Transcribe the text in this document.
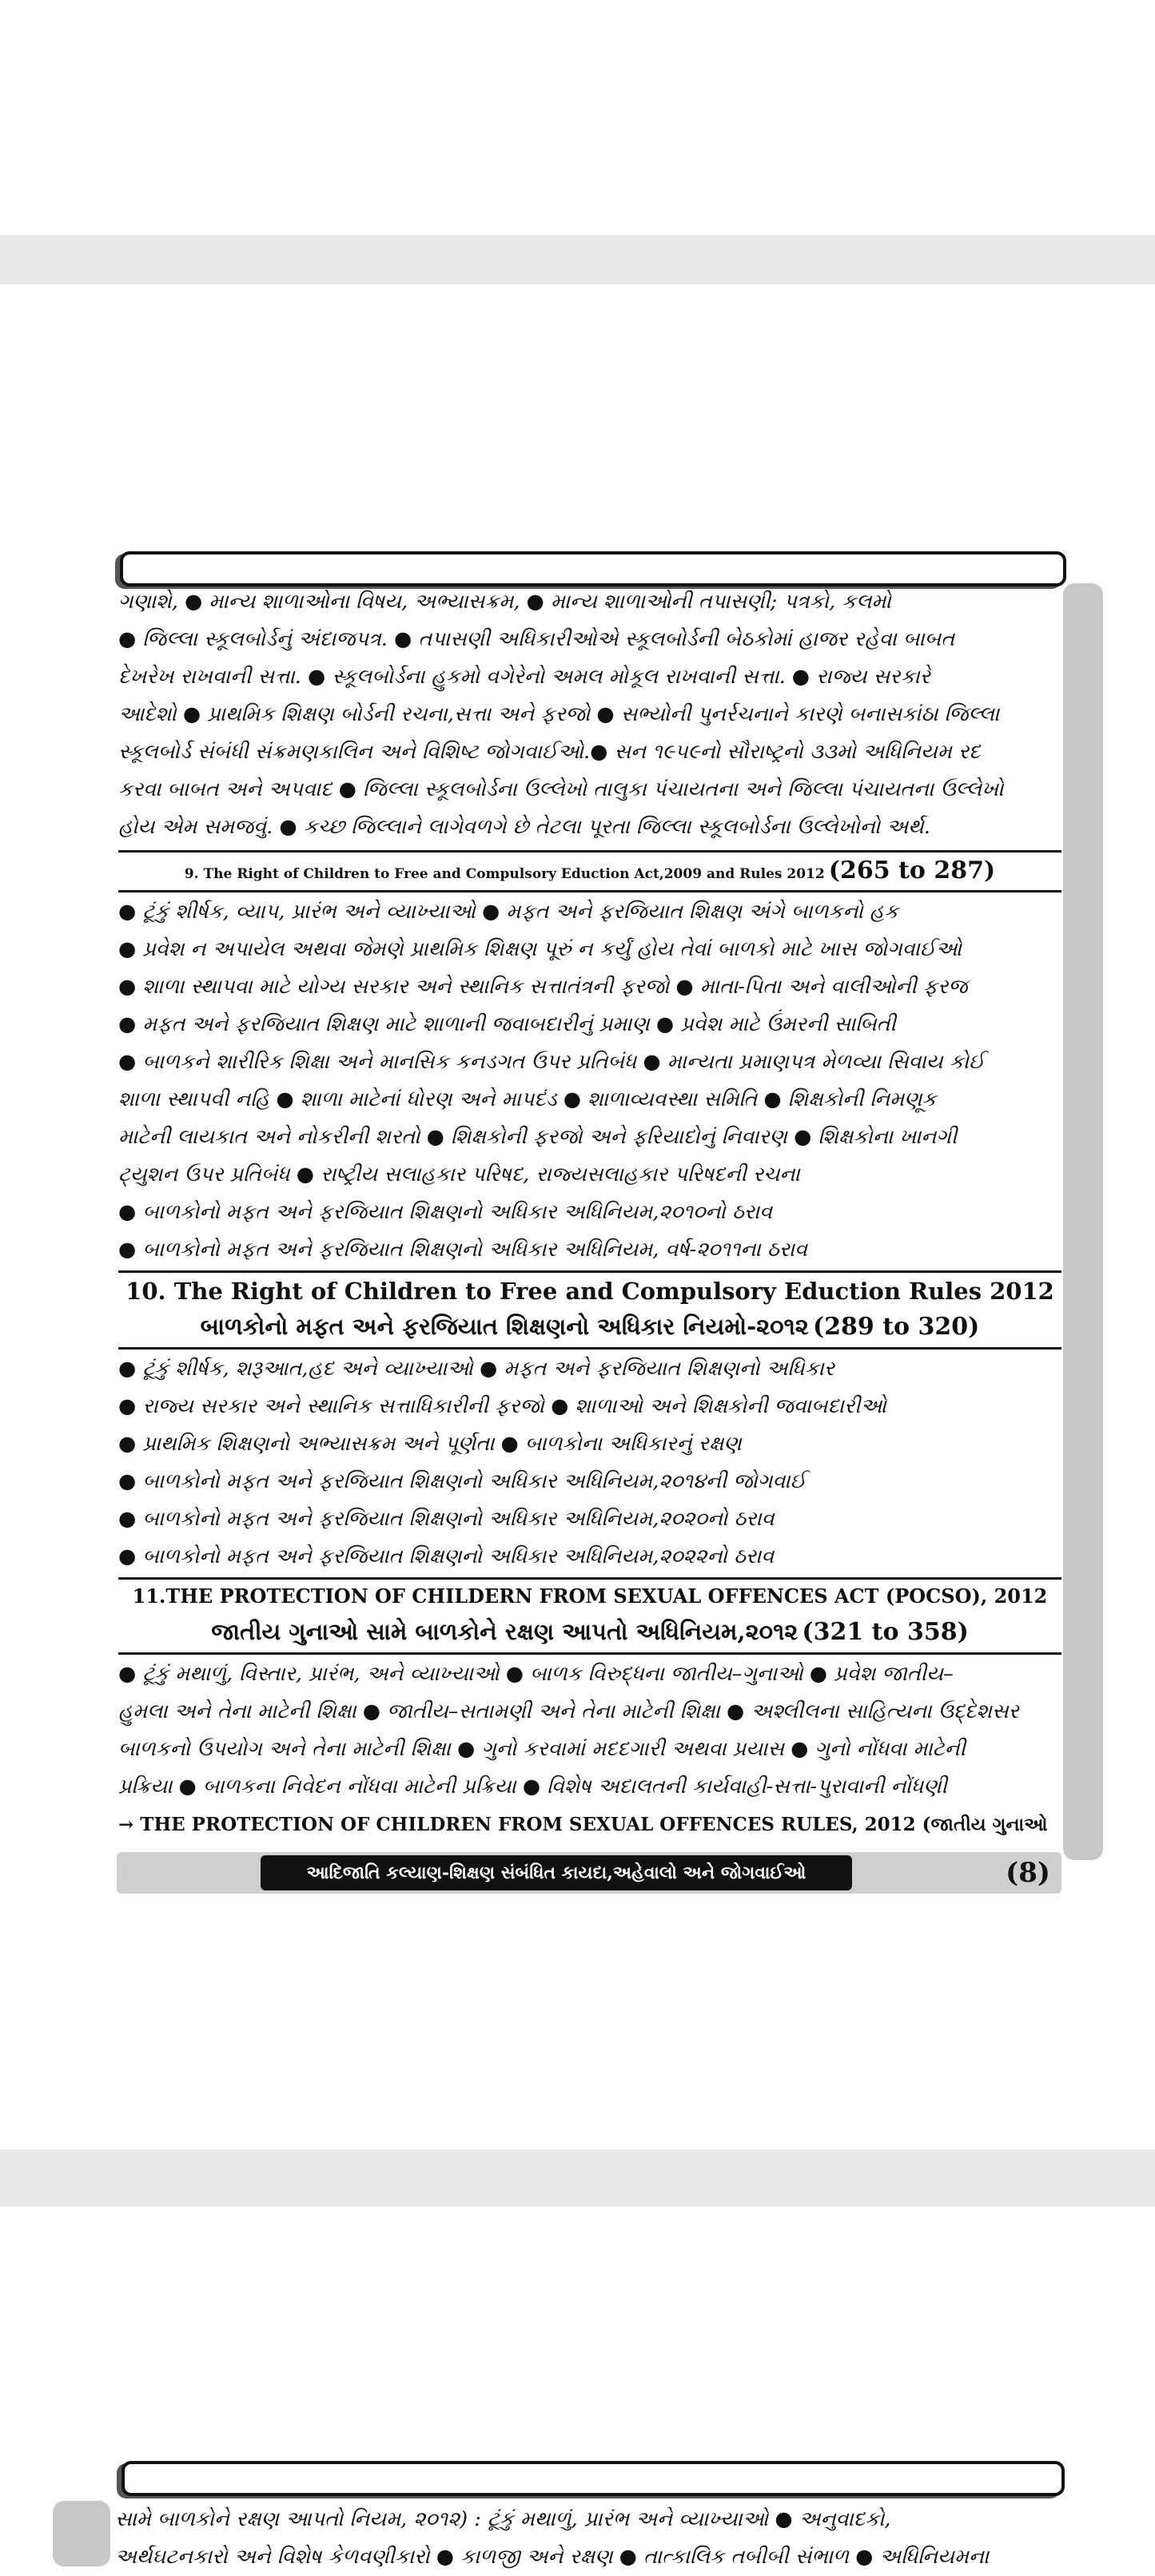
ગણાશે, ● માન્ય શાળાઓના વિષય, અભ્યાસક્રમ, ● માન્ય શાળાઓની તપાસણી; પત્રકો, કલમો
● જિલ્લા સ્કૂલબોર્ડનું અંદાજપત્ર. ● તપાસણી અધિકારીઓએ સ્કૂલબોર્ડની બેઠકોમાં હાજર રહેવા બાબત
દેખરેખ રાખવાની સત્તા. ● સ્કૂલબોર્ડના હુકમો વગેરેનો અમલ મોકૂલ રાખવાની સત્તા. ● રાજ્ય સરકારે
આદેશો ● પ્રાથમિક શિક્ષણ બોર્ડની રચના,સત્તા અને ફરજો ● સભ્યોની પુનર્રચનાને કારણે બનાસકાંઠા જિલ્લા
સ્કૂલબોર્ડ સંબંધી સંક્રમણકાલિન અને વિશિષ્ટ જોગવાઈઓ.● સન ૧૯૫૯નો સૌરાષ્ટ્રનો ૩૩મો અધિનિયમ રદ
કરવા બાબત અને અપવાદ ● જિલ્લા સ્કૂલબોર્ડના ઉલ્લેખો તાલુકા પંચાયતના અને જિલ્લા પંચાયતના ઉલ્લેખો
હોય એમ સમજવું. ● કચ્છ જિલ્લાને લાગેવળગે છે તેટલા પૂરતા જિલ્લા સ્કૂલબોર્ડના ઉલ્લેખોનો અર્થ.
9. The Right of Children to Free and Compulsory Eduction Act,2009 and Rules 2012 (265 to 287)
● ટૂંકું શીર્ષક, વ્યાપ, પ્રારંભ અને વ્યાખ્યાઓ ● મફત અને ફરજિયાત શિક્ષણ અંગે બાળકનો હક
● પ્રવેશ ન અપાયેલ અથવા જેમણે પ્રાથમિક શિક્ષણ પૂરું ન કર્યું હોય તેવાં બાળકો માટે ખાસ જોગવાઈઓ
● શાળા સ્થાપવા માટે યોગ્ય સરકાર અને સ્થાનિક સત્તાતંત્રની ફરજો ● માતા-પિતા અને વાલીઓની ફરજ
● મફત અને ફરજિયાત શિક્ષણ માટે શાળાની જવાબદારીનું પ્રમાણ ● પ્રવેશ માટે ઉંમરની સાબિતી
● બાળકને શારીરિક શિક્ષા અને માનસિક કનડગત ઉપર પ્રતિબંધ ● માન્યતા પ્રમાણપત્ર મેળવ્યા સિવાય કોઈ
શાળા સ્થાપવી નહિ ● શાળા માટેનાં ધોરણ અને માપદંડ ● શાળાવ્યવસ્થા સમિતિ ● શિક્ષકોની નિમણૂક
માટેની લાયકાત અને નોકરીની શરતો ● શિક્ષકોની ફરજો અને ફરિયાદોનું નિવારણ ● શિક્ષકોના ખાનગી
ટ્યુશન ઉપર પ્રતિબંધ ● રાષ્ટ્રીય સલાહકાર પરિષદ, રાજ્યસલાહકાર પરિષદની રચના
● બાળકોનો મફત અને ફરજિયાત શિક્ષણનો અધિકાર અધિનિયમ,૨૦૧૦નો ઠરાવ
● બાળકોનો મફત અને ફરજિયાત શિક્ષણનો અધિકાર અધિનિયમ, વર્ષ-૨૦૧૧ના ઠરાવ
10. The Right of Children to Free and Compulsory Eduction Rules 2012
બાળકોનો મફત અને ફરજિયાત શિક્ષણનો અધિકાર નિયમો-૨૦૧૨ (289 to 320)
● ટૂંકું શીર્ષક, શરૂઆત,હદ અને વ્યાખ્યાઓ ● મફત અને ફરજિયાત શિક્ષણનો અધિકાર
● રાજ્ય સરકાર અને સ્થાનિક સત્તાધિકારીની ફરજો ● શાળાઓ અને શિક્ષકોની જવાબદારીઓ
● પ્રાથમિક શિક્ષણનો અભ્યાસક્રમ અને પૂર્ણતા ● બાળકોના અધિકારનું રક્ષણ
● બાળકોનો મફત અને ફરજિયાત શિક્ષણનો અધિકાર અધિનિયમ,૨૦૧૪ની જોગવાઈ
● બાળકોનો મફત અને ફરજિયાત શિક્ષણનો અધિકાર અધિનિયમ,૨૦૨૦નો ઠરાવ
● બાળકોનો મફત અને ફરજિયાત શિક્ષણનો અધિકાર અધિનિયમ,૨૦૨૨નો ઠરાવ
11.THE PROTECTION OF CHILDERN FROM SEXUAL OFFENCES ACT (POCSO), 2012
જાતીય ગુનાઓ સામે બાળકોને રક્ષણ આપતો અધિનિયમ,૨૦૧૨ (321 to 358)
● ટૂંકું મથાળું, વિસ્તાર, પ્રારંભ, અને વ્યાખ્યાઓ ● બાળક વિરુદ્ધના જાતીય–ગુનાઓ ● પ્રવેશ જાતીય–
હુમલા અને તેના માટેની શિક્ષા ● જાતીય–સતામણી અને તેના માટેની શિક્ષા ● અશ્લીલના સાહિત્યના ઉદ્દેશસર
બાળકનો ઉપયોગ અને તેના માટેની શિક્ષા ● ગુનો કરવામાં મદદગારી અથવા પ્રયાસ ● ગુનો નોંધવા માટેની
પ્રક્રિયા ● બાળકના નિવેદન નોંધવા માટેની પ્રક્રિયા ● વિશેષ અદાલતની કાર્યવાહી-સત્તા-પુરાવાની નોંધણી
→ THE PROTECTION OF CHILDREN FROM SEXUAL OFFENCES RULES, 2012 (જાતીય ગુનાઓ
આદિજાતિ કલ્યાણ-શિક્ષણ સંબંધિત કાયદા,અહેવાલો અને જોગવાઈઓ	(8)
સામે બાળકોને રક્ષણ આપતો નિયમ, ૨૦૧૨) : ટૂંકું મથાળું, પ્રારંભ અને વ્યાખ્યાઓ ● અનુવાદકો,
અર્થઘટનકારો અને વિશેષ કેળવણીકારો ● કાળજી અને રક્ષણ ● તાત્કાલિક તબીબી સંભાળ ● અધિનિયમના
